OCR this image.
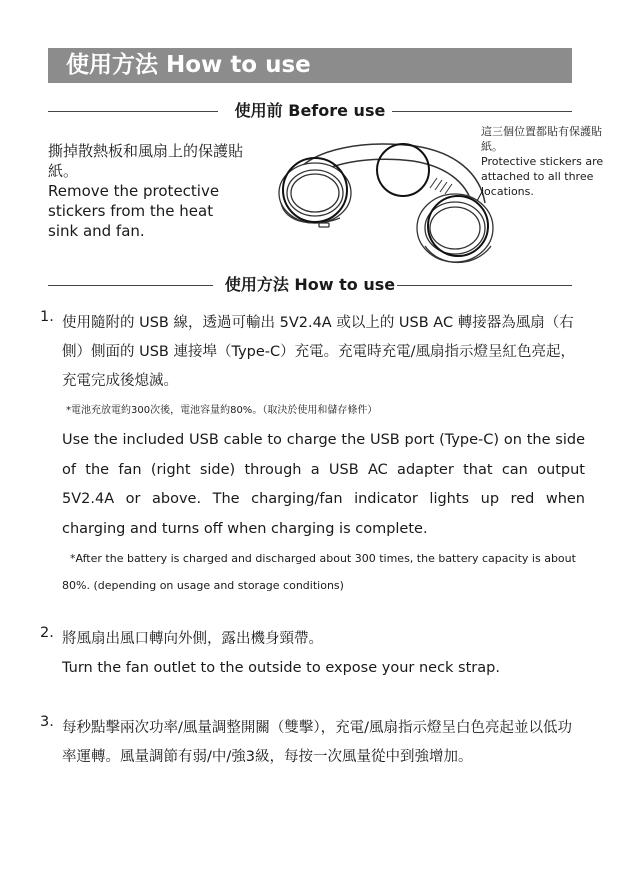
使用方法 How to use
使用前 Before use
撕掉散熱板和風扇上的保護貼紙。
Remove the protective stickers from the heat sink and fan.
這三個位置都貼有保護貼紙。
Protective stickers are attached to all three locations.
使用方法 How to use
1. 使用隨附的 USB 線，透過可輸出 5V2.4A 或以上的 USB AC 轉接器為風扇（右側）側面的 USB 連接埠（Type-C）充電。充電時充電/風扇指示燈呈紅色亮起，充電完成後熄滅。
*電池充放電約300次後，電池容量約80%。（取決於使用和儲存條件）
Use the included USB cable to charge the USB port (Type-C) on the side of the fan (right side) through a USB AC adapter that can output 5V2.4A or above. The charging/fan indicator lights up red when charging and turns off when charging is complete.
*After the battery is charged and discharged about 300 times, the battery capacity is about
80%. (depending on usage and storage conditions)
2. 將風扇出風口轉向外側，露出機身頸帶。
Turn the fan outlet to the outside to expose your neck strap.
3. 每秒點擊兩次功率/風量調整開關（雙擊），充電/風扇指示燈呈白色亮起並以低功率運轉。風量調節有弱/中/強3級，每按一次風量從中到強增加。
